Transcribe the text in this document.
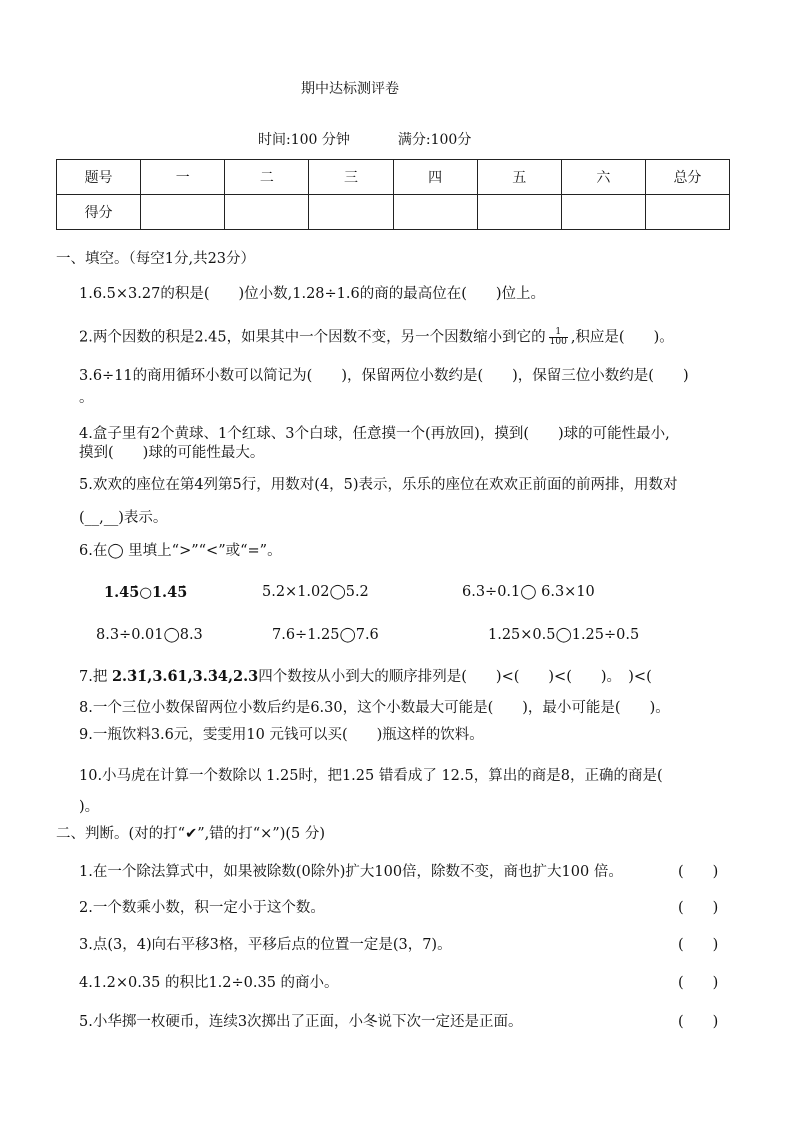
期中达标测评卷
时间:100 分钟	满分:100分
题号	一	二	三	四	五	六	总分
得分							
一、填空。（每空1分,共23分）
1.6.5×3.27的积是(　　)位小数,1.28÷1.6的商的最高位在(　　)位上。
2.两个因数的积是2.45，如果其中一个因数不变，另一个因数缩小到它的 $\frac{1}{100}$ ,积应是(　　)。
3.6÷11的商用循环小数可以简记为(　　)，保留两位小数约是(　　)，保留三位小数约是(　　)
。
4.盒子里有2个黄球、1个红球、3个白球，任意摸一个(再放回)，摸到(　　)球的可能性最小,
摸到(　　)球的可能性最大。
5.欢欢的座位在第4列第5行，用数对(4，5)表示，乐乐的座位在欢欢正前面的前两排，用数对
(__,__)表示。
6.在◯ 里填上“>”“<”或“=”。
1.45̇○1.4̇5̇	5.2×1.02◯5.2	6.3÷0.1◯ 6.3×10
8.3÷0.01◯8.3	7.6÷1.25◯7.6	1.25×0.5◯1.25÷0.5
7.把 2.3̇1̇,3.6̇1,3.3̇4,2.3四个数按从小到大的顺序排列是(　　)<(　　)<(　　)。　)<(
8.一个三位小数保留两位小数后约是6.30，这个小数最大可能是(　　)，最小可能是(　　)。
9.一瓶饮料3.6元，雯雯用10 元钱可以买(　　)瓶这样的饮料。
10.小马虎在计算一个数除以 1.25时，把1.25 错看成了 12.5，算出的商是8，正确的商是(
)。
二、判断。(对的打“✔”,错的打“×”)(5 分)
1.在一个除法算式中，如果被除数(0除外)扩大100倍，除数不变，商也扩大100 倍。	(　　)
2.一个数乘小数，积一定小于这个数。	(　　)
3.点(3，4)向右平移3格，平移后点的位置一定是(3，7)。	(　　)
4.1.2×0.35 的积比1.2÷0.35 的商小。	(　　)
5.小华掷一枚硬币，连续3次掷出了正面，小冬说下次一定还是正面。	(　　)
